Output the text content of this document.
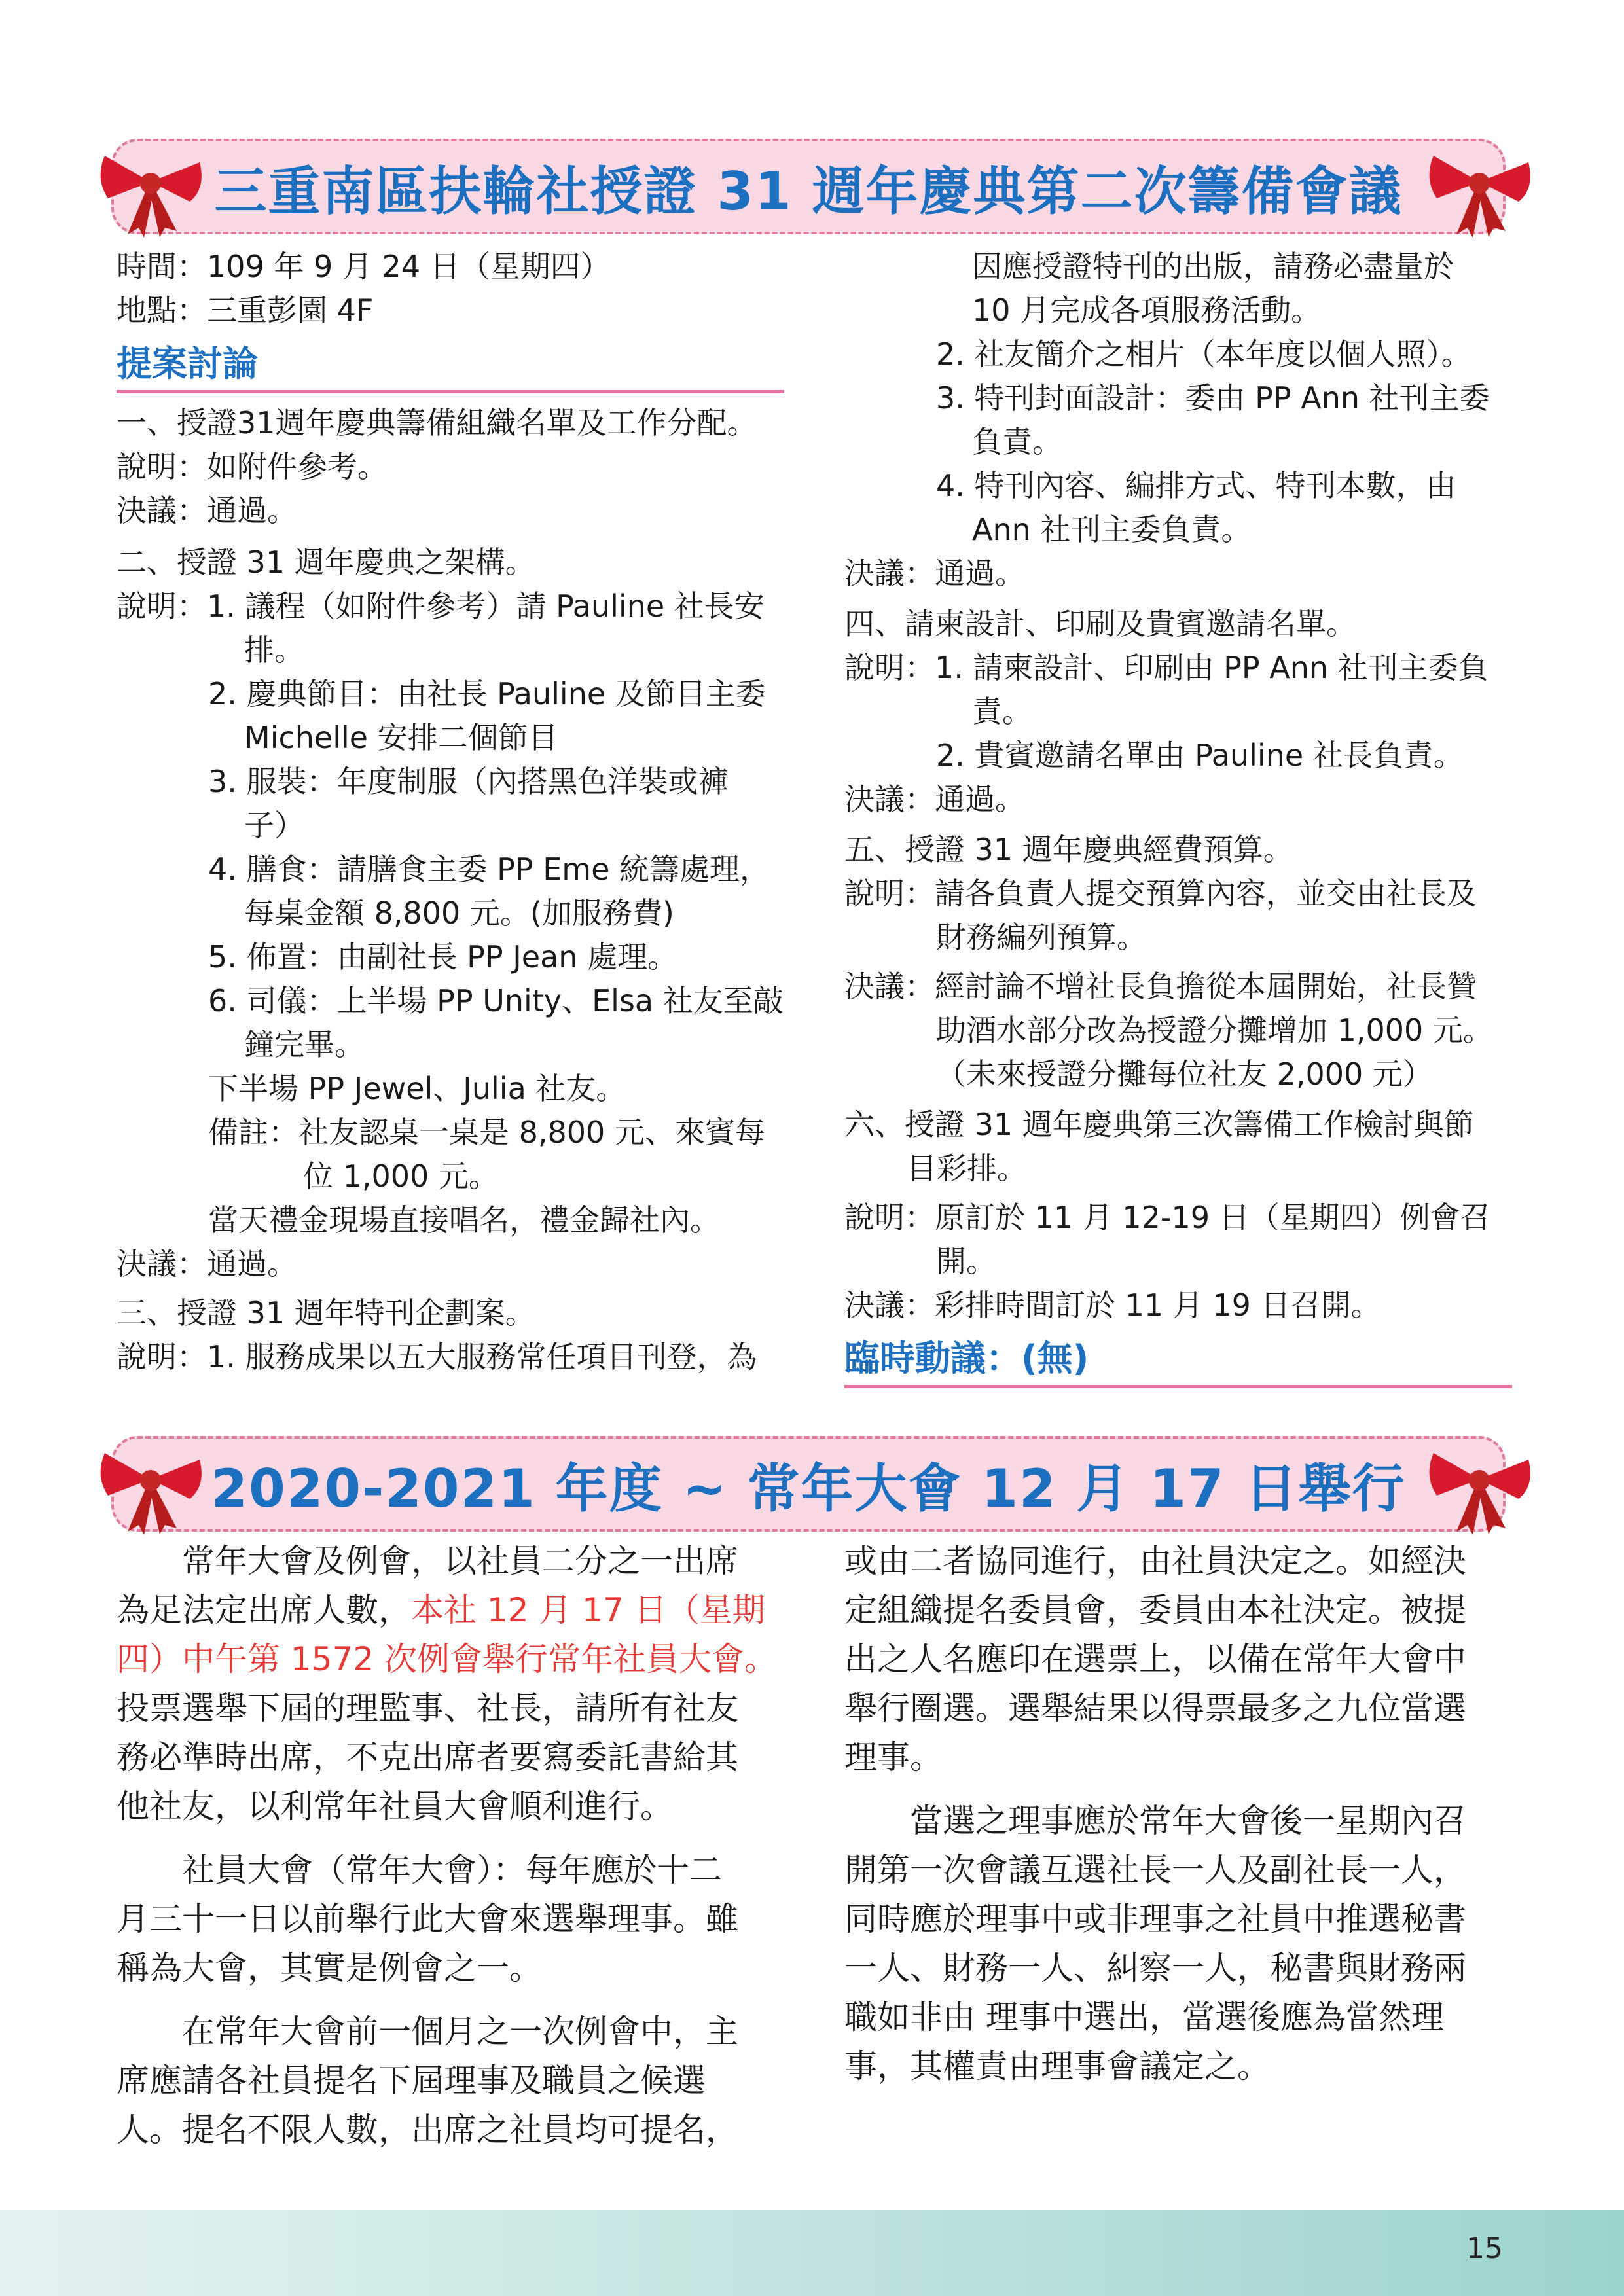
三重南區扶輪社授證 31 週年慶典第二次籌備會議
時間：109 年 9 月 24 日（星期四）
地點：三重彭園 4F
提案討論
一、授證31週年慶典籌備組織名單及工作分配。
說明：如附件參考。
決議：通過。
二、授證 31 週年慶典之架構。
說明：1. 議程（如附件參考）請 Pauline 社長安
排。
2. 慶典節目：由社長 Pauline 及節目主委
Michelle 安排二個節目
3. 服裝：年度制服（內搭黑色洋裝或褲
子）
4. 膳食：請膳食主委 PP Eme 統籌處理，
每桌金額 8,800 元。(加服務費)
5. 佈置：由副社長 PP Jean 處理。
6. 司儀：上半場 PP Unity、Elsa 社友至敲
鐘完畢。
下半場 PP Jewel、Julia 社友。
備註：社友認桌一桌是 8,800 元、來賓每
位 1,000 元。
當天禮金現場直接唱名，禮金歸社內。
決議：通過。
三、授證 31 週年特刊企劃案。
說明：1. 服務成果以五大服務常任項目刊登，為
因應授證特刊的出版，請務必盡量於
10 月完成各項服務活動。
2. 社友簡介之相片（本年度以個人照）。
3. 特刊封面設計：委由 PP Ann 社刊主委
負責。
4. 特刊內容、編排方式、特刊本數，由
Ann 社刊主委負責。
決議：通過。
四、請柬設計、印刷及貴賓邀請名單。
說明：1. 請柬設計、印刷由 PP Ann 社刊主委負
責。
2. 貴賓邀請名單由 Pauline 社長負責。
決議：通過。
五、授證 31 週年慶典經費預算。
說明：請各負責人提交預算內容，並交由社長及
財務編列預算。
決議：經討論不增社長負擔從本屆開始，社長贊
助酒水部分改為授證分攤增加 1,000 元。
（未來授證分攤每位社友 2,000 元）
六、授證 31 週年慶典第三次籌備工作檢討與節
目彩排。
說明：原訂於 11 月 12-19 日（星期四）例會召
開。
決議：彩排時間訂於 11 月 19 日召開。
臨時動議：(無)
2020-2021 年度 ~ 常年大會 12 月 17 日舉行
常年大會及例會，以社員二分之一出席
為足法定出席人數，本社 12 月 17 日（星期
四）中午第 1572 次例會舉行常年社員大會。
投票選舉下屆的理監事、社長，請所有社友
務必準時出席，不克出席者要寫委託書給其
他社友，以利常年社員大會順利進行。
社員大會（常年大會）：每年應於十二
月三十一日以前舉行此大會來選舉理事。雖
稱為大會，其實是例會之一。
在常年大會前一個月之一次例會中，主
席應請各社員提名下屆理事及職員之候選
人。提名不限人數，出席之社員均可提名，
或由二者協同進行，由社員決定之。如經決
定組織提名委員會，委員由本社決定。被提
出之人名應印在選票上，以備在常年大會中
舉行圈選。選舉結果以得票最多之九位當選
理事。
當選之理事應於常年大會後一星期內召
開第一次會議互選社長一人及副社長一人，
同時應於理事中或非理事之社員中推選秘書
一人、財務一人、糾察一人，秘書與財務兩
職如非由 理事中選出，當選後應為當然理
事，其權責由理事會議定之。
15
